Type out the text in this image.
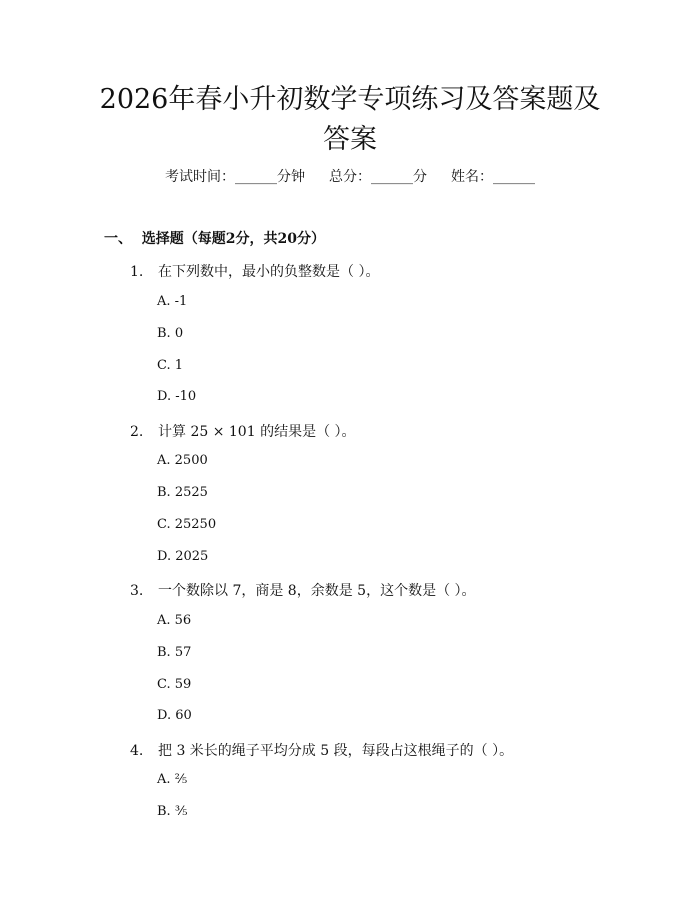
2026年春小升初数学专项练习及答案题及答案
考试时间：______分钟 总分：______分 姓名：______
一、  选择题（每题2分，共20分）
1. 在下列数中，最小的负整数是（ ）。
A. -1
B. 0
C. 1
D. -10
2. 计算 25 × 101 的结果是（ ）。
A. 2500
B. 2525
C. 25250
D. 2025
3. 一个数除以 7，商是 8，余数是 5，这个数是（ ）。
A. 56
B. 57
C. 59
D. 60
4. 把 3 米长的绳子平均分成 5 段，每段占这根绳子的（ ）。
A. ⅖
B. ⅗
